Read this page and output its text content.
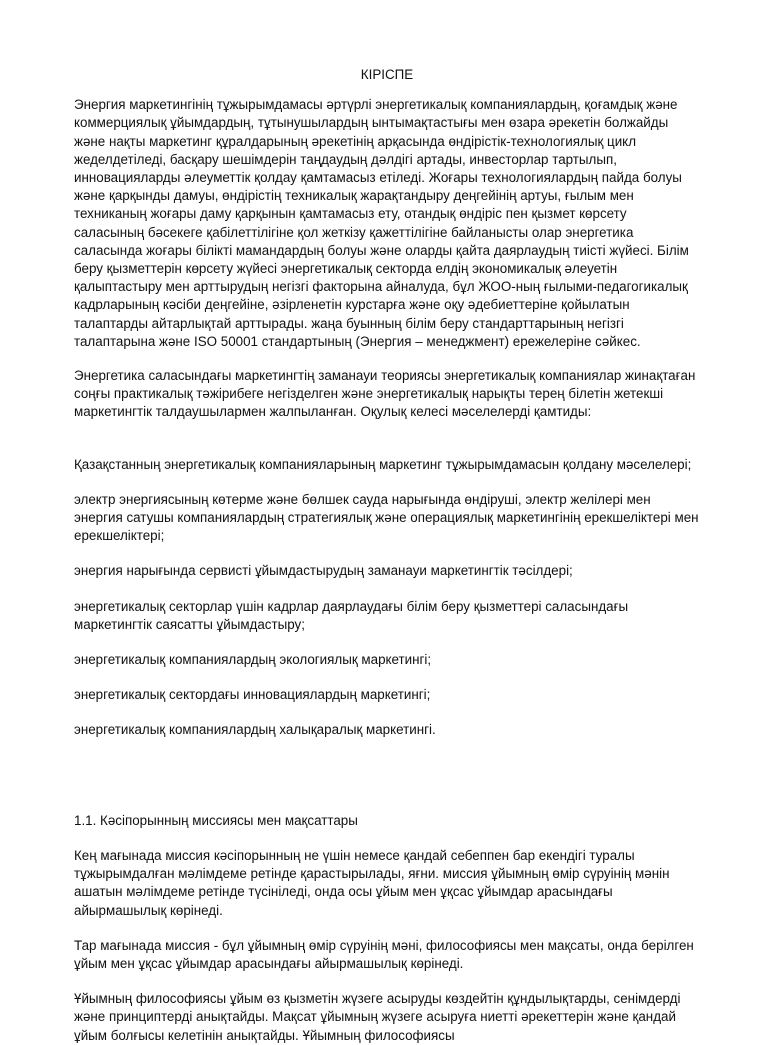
КІРІСПЕ

Энергия маркетингінің тұжырымдамасы әртүрлі энергетикалық компаниялардың, қоғамдық және коммерциялық ұйымдардың, тұтынушылардың ынтымақтастығы мен өзара әрекетін болжайды және нақты маркетинг құралдарының әрекетінің арқасында өндірістік-технологиялық цикл жеделдетіледі, басқару шешімдерін таңдаудың дәлдігі артады, инвесторлар тартылып, инновацияларды әлеуметтік қолдау қамтамасыз етіледі. Жоғары технологиялардың пайда болуы және қарқынды дамуы, өндірістің техникалық жарақтандыру деңгейінің артуы, ғылым мен техниканың жоғары даму қарқынын қамтамасыз ету, отандық өндіріс пен қызмет көрсету саласының бәсекеге қабілеттілігіне қол жеткізу қажеттілігіне байланысты олар энергетика саласында жоғары білікті мамандардың болуы және оларды қайта даярлаудың тиісті жүйесі. Білім беру қызметтерін көрсету жүйесі энергетикалық секторда елдің экономикалық әлеуетін қалыптастыру мен арттырудың негізгі факторына айналуда, бұл ЖОО-ның ғылыми-педагогикалық кадрларының кәсіби деңгейіне, әзірленетін курстарға және оқу әдебиеттеріне қойылатын талаптарды айтарлықтай арттырады. жаңа буынның білім беру стандарттарының негізгі талаптарына және ISO 50001 стандартының (Энергия – менеджмент) ережелеріне сәйкес.

Энергетика саласындағы маркетингтің заманауи теориясы энергетикалық компаниялар жинақтаған соңғы практикалық тәжірибеге негізделген және энергетикалық нарықты терең білетін жетекші маркетингтік талдаушылармен жалпыланған. Оқулық келесі мәселелерді қамтиды:

Қазақстанның энергетикалық компанияларының маркетинг тұжырымдамасын қолдану мәселелері;

электр энергиясының көтерме және бөлшек сауда нарығында өндіруші, электр желілері мен энергия сатушы компаниялардың стратегиялық және операциялық маркетингінің ерекшеліктері мен ерекшеліктері;

энергия нарығында сервисті ұйымдастырудың заманауи маркетингтік тәсілдері;

энергетикалық секторлар үшін кадрлар даярлаудағы білім беру қызметтері саласындағы маркетингтік саясатты ұйымдастыру;

энергетикалық компаниялардың экологиялық маркетингі;

энергетикалық сектордағы инновациялардың маркетингі;

энергетикалық компаниялардың халықаралық маркетингі.

1.1. Кәсіпорынның миссиясы мен мақсаттары

Кең мағынада миссия кәсіпорынның не үшін немесе қандай себеппен бар екендігі туралы тұжырымдалған мәлімдеме ретінде қарастырылады, яғни. миссия ұйымның өмір сүруінің мәнін ашатын мәлімдеме ретінде түсініледі, онда осы ұйым мен ұқсас ұйымдар арасындағы айырмашылық көрінеді.

Тар мағынада миссия - бұл ұйымның өмір сүруінің мәні, философиясы мен мақсаты, онда берілген ұйым мен ұқсас ұйымдар арасындағы айырмашылық көрінеді.

Ұйымның философиясы ұйым өз қызметін жүзеге асыруды көздейтін құндылықтарды, сенімдерді және принциптерді анықтайды. Мақсат ұйымның жүзеге асыруға ниетті әрекеттерін және қандай ұйым болғысы келетінін анықтайды. Ұйымның философиясы
